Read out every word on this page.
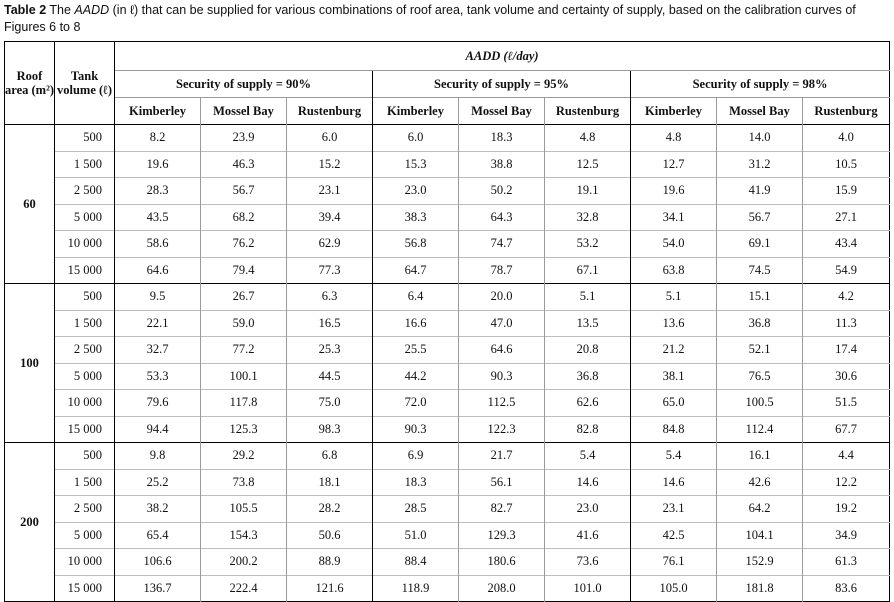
Table 2 The AADD (in ℓ) that can be supplied for various combinations of roof area, tank volume and certainty of supply, based on the calibration curves of Figures 6 to 8
Roof area (m²)	Tank volume (ℓ)	AADD (ℓ/day)								
		Security of supply = 90%			Security of supply = 95%			Security of supply = 98%		
		Kimberley	Mossel Bay	Rustenburg	Kimberley	Mossel Bay	Rustenburg	Kimberley	Mossel Bay	Rustenburg
60	500	8.2	23.9	6.0	6.0	18.3	4.8	4.8	14.0	4.0
	1 500	19.6	46.3	15.2	15.3	38.8	12.5	12.7	31.2	10.5
	2 500	28.3	56.7	23.1	23.0	50.2	19.1	19.6	41.9	15.9
	5 000	43.5	68.2	39.4	38.3	64.3	32.8	34.1	56.7	27.1
	10 000	58.6	76.2	62.9	56.8	74.7	53.2	54.0	69.1	43.4
	15 000	64.6	79.4	77.3	64.7	78.7	67.1	63.8	74.5	54.9
100	500	9.5	26.7	6.3	6.4	20.0	5.1	5.1	15.1	4.2
	1 500	22.1	59.0	16.5	16.6	47.0	13.5	13.6	36.8	11.3
	2 500	32.7	77.2	25.3	25.5	64.6	20.8	21.2	52.1	17.4
	5 000	53.3	100.1	44.5	44.2	90.3	36.8	38.1	76.5	30.6
	10 000	79.6	117.8	75.0	72.0	112.5	62.6	65.0	100.5	51.5
	15 000	94.4	125.3	98.3	90.3	122.3	82.8	84.8	112.4	67.7
200	500	9.8	29.2	6.8	6.9	21.7	5.4	5.4	16.1	4.4
	1 500	25.2	73.8	18.1	18.3	56.1	14.6	14.6	42.6	12.2
	2 500	38.2	105.5	28.2	28.5	82.7	23.0	23.1	64.2	19.2
	5 000	65.4	154.3	50.6	51.0	129.3	41.6	42.5	104.1	34.9
	10 000	106.6	200.2	88.9	88.4	180.6	73.6	76.1	152.9	61.3
	15 000	136.7	222.4	121.6	118.9	208.0	101.0	105.0	181.8	83.6
